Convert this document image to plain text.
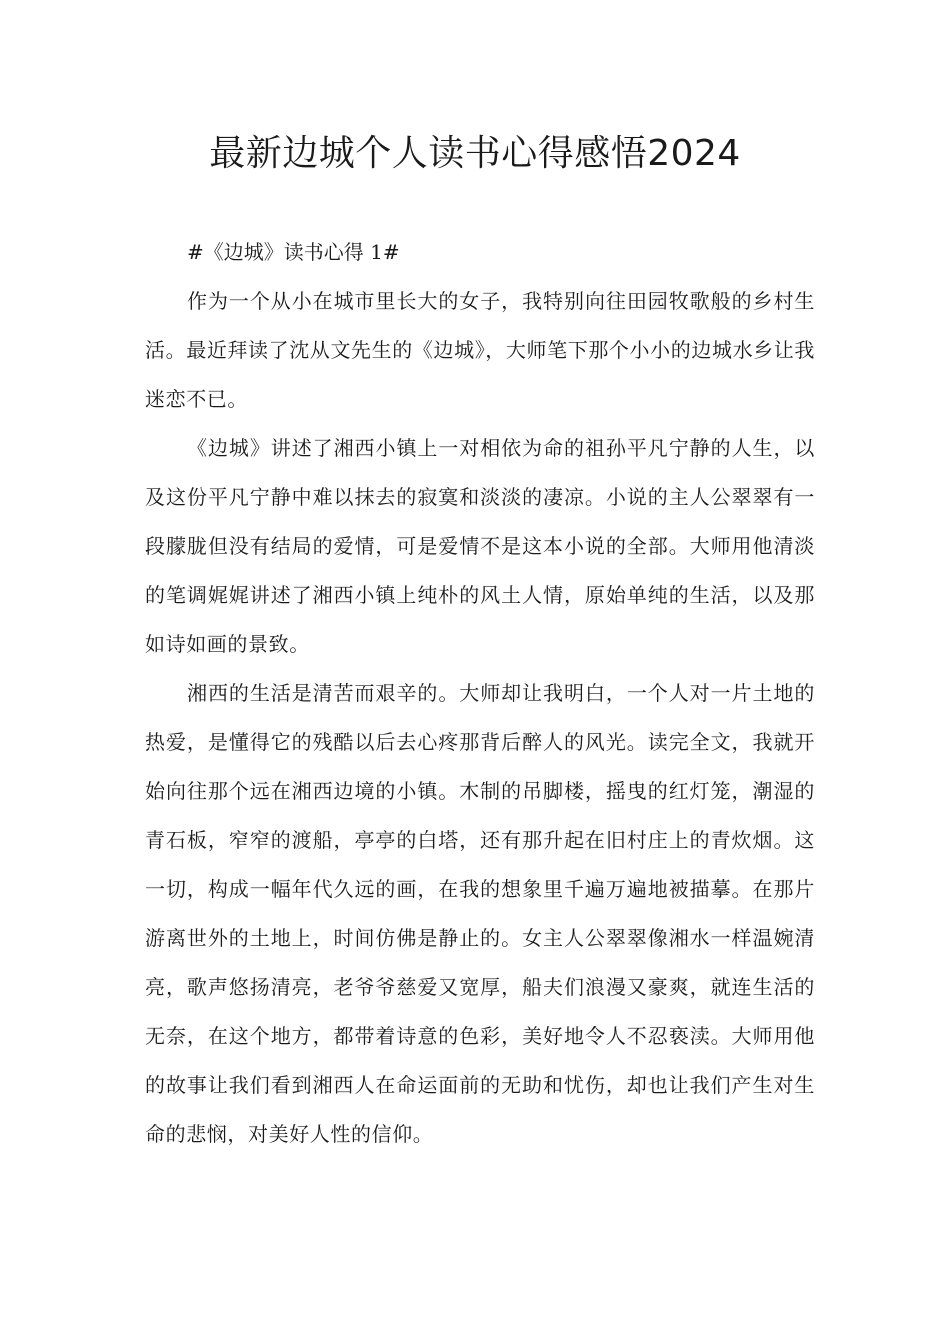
最新边城个人读书心得感悟2024

#《边城》读书心得 1#

作为一个从小在城市里长大的女子，我特别向往田园牧歌般的乡村生活。最近拜读了沈从文先生的《边城》，大师笔下那个小小的边城水乡让我迷恋不已。

《边城》讲述了湘西小镇上一对相依为命的祖孙平凡宁静的人生，以及这份平凡宁静中难以抹去的寂寞和淡淡的凄凉。小说的主人公翠翠有一段朦胧但没有结局的爱情，可是爱情不是这本小说的全部。大师用他清淡的笔调娓娓讲述了湘西小镇上纯朴的风土人情，原始单纯的生活，以及那如诗如画的景致。

湘西的生活是清苦而艰辛的。大师却让我明白，一个人对一片土地的热爱，是懂得它的残酷以后去心疼那背后醉人的风光。读完全文，我就开始向往那个远在湘西边境的小镇。木制的吊脚楼，摇曳的红灯笼，潮湿的青石板，窄窄的渡船，亭亭的白塔，还有那升起在旧村庄上的青炊烟。这一切，构成一幅年代久远的画，在我的想象里千遍万遍地被描摹。在那片游离世外的土地上，时间仿佛是静止的。女主人公翠翠像湘水一样温婉清亮，歌声悠扬清亮，老爷爷慈爱又宽厚，船夫们浪漫又豪爽，就连生活的无奈，在这个地方，都带着诗意的色彩，美好地令人不忍亵渎。大师用他的故事让我们看到湘西人在命运面前的无助和忧伤，却也让我们产生对生命的悲悯，对美好人性的信仰。
